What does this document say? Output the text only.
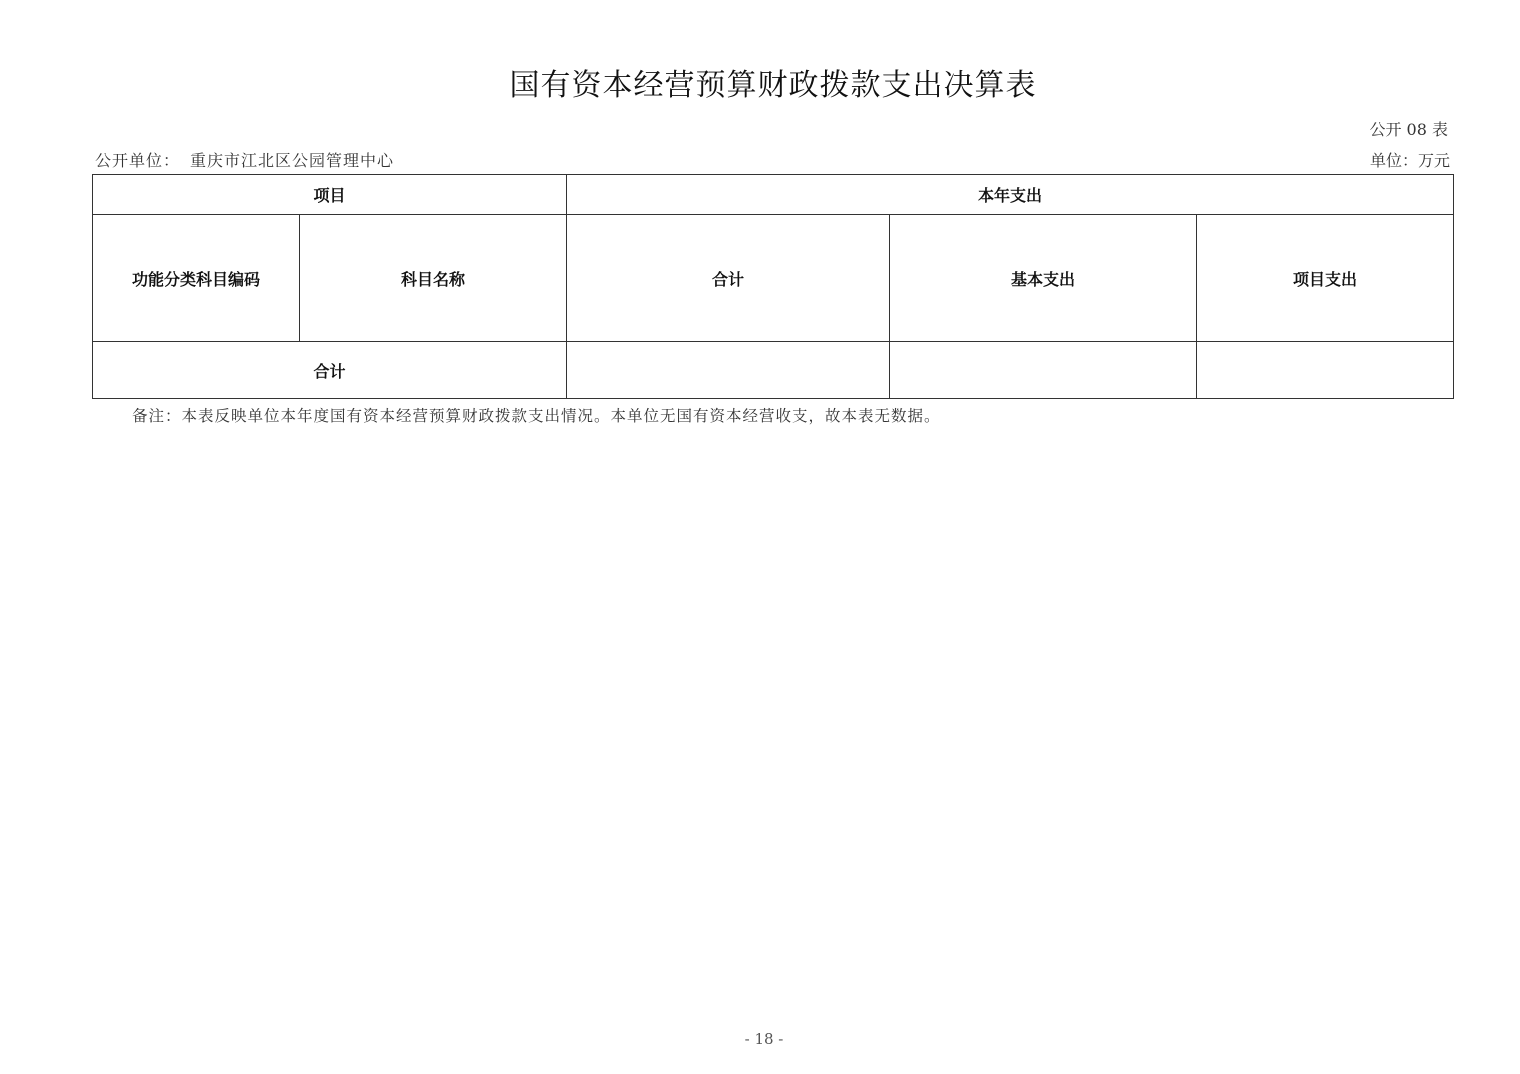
国有资本经营预算财政拨款支出决算表
公开 08 表
公开单位： 重庆市江北区公园管理中心	单位：万元
项目		本年支出		
功能分类科目编码	科目名称	合计	基本支出	项目支出
合计				
备注：本表反映单位本年度国有资本经营预算财政拨款支出情况。本单位无国有资本经营收支，故本表无数据。
- 18 -
